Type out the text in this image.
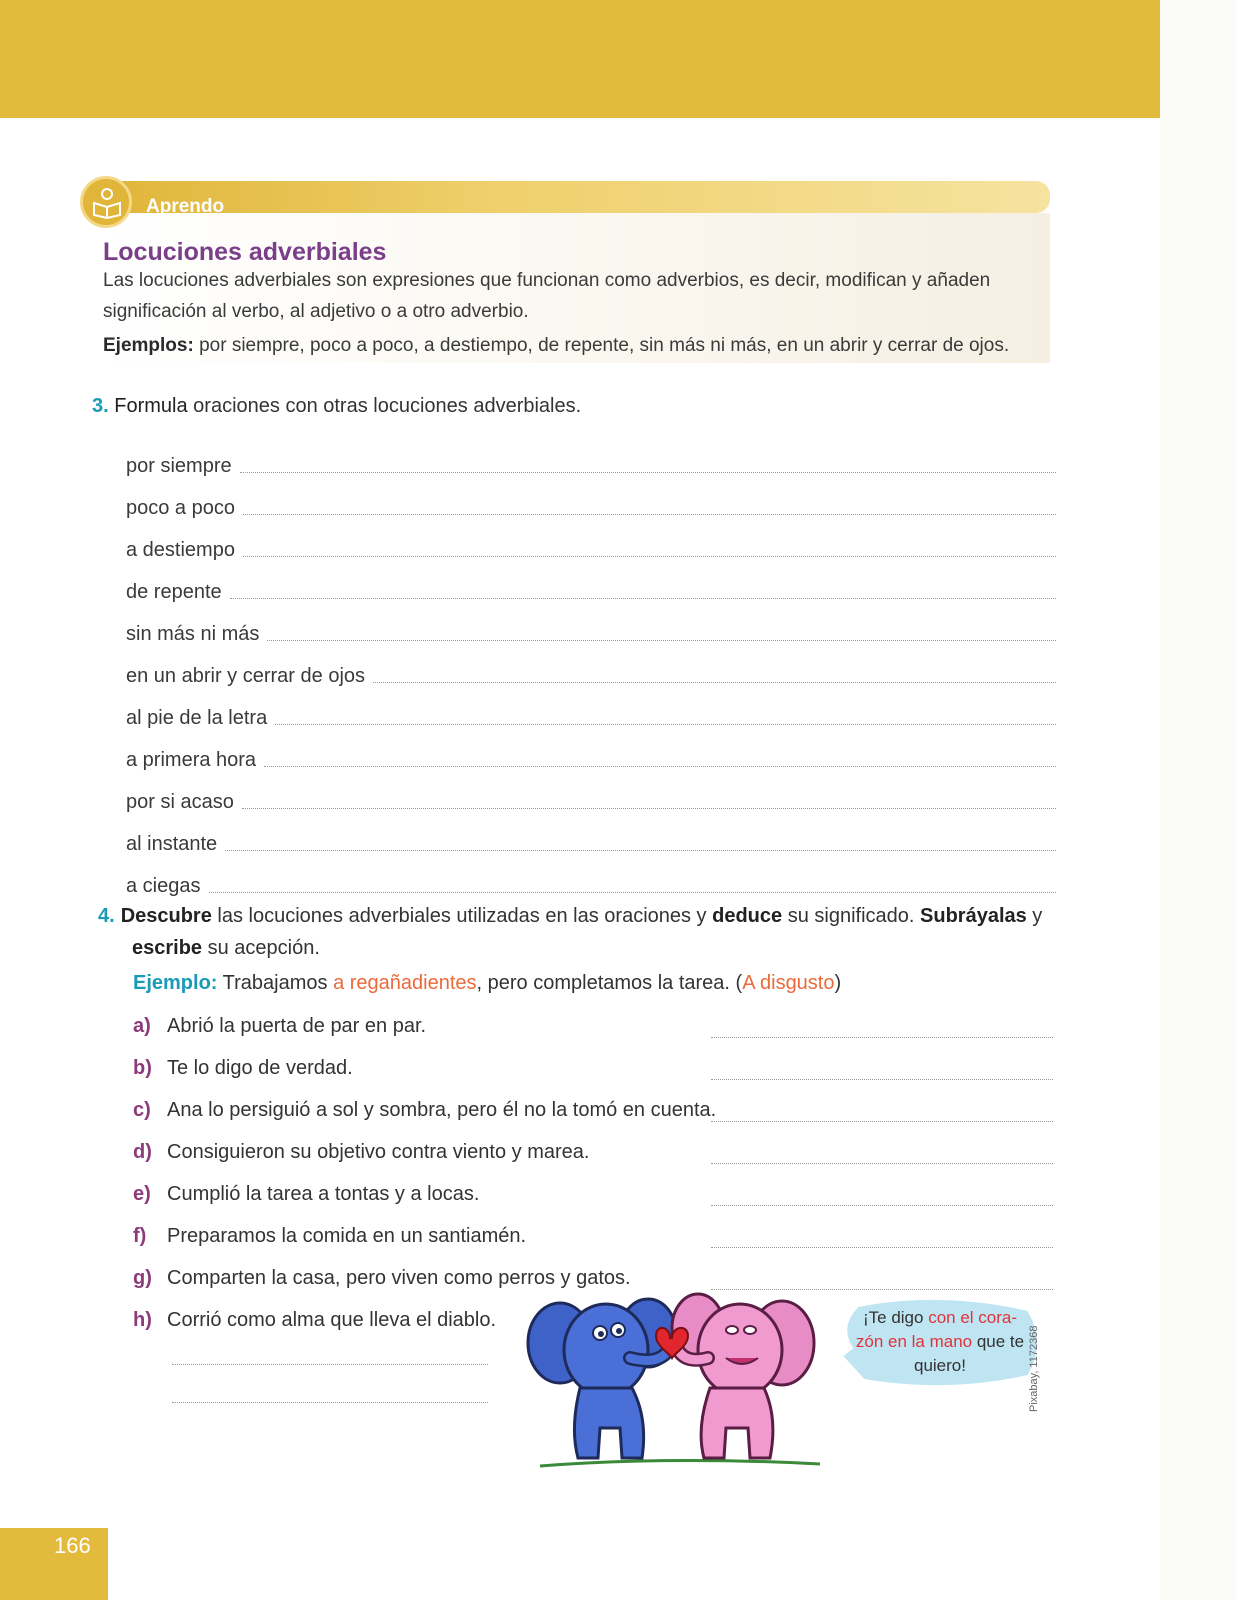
Aprendo
Locuciones adverbiales

Las locuciones adverbiales son expresiones que funcionan como adverbios, es decir, modifican y añaden significación al verbo, al adjetivo o a otro adverbio.

Ejemplos: por siempre, poco a poco, a destiempo, de repente, sin más ni más, en un abrir y cerrar de ojos.
3. Formula oraciones con otras locuciones adverbiales.
por siempre
poco a poco
a destiempo
de repente
sin más ni más
en un abrir y cerrar de ojos
al pie de la letra
a primera hora
por si acaso
al instante
a ciegas
4. Descubre las locuciones adverbiales utilizadas en las oraciones y deduce su significado. Subráyalas y
escribe su acepción.
Ejemplo: Trabajamos a regañadientes, pero completamos la tarea. (A disgusto)
a) Abrió la puerta de par en par.
b) Te lo digo de verdad.
c) Ana lo persiguió a sol y sombra, pero él no la tomó en cuenta.
d) Consiguieron su objetivo contra viento y marea.
e) Cumplió la tarea a tontas y a locas.
f) Preparamos la comida en un santiamén.
g) Comparten la casa, pero viven como perros y gatos.
h) Corrió como alma que lleva el diablo.	¡Te digo con el cora-zón en la mano que te quiero!	Pixabay, 1172368
166
